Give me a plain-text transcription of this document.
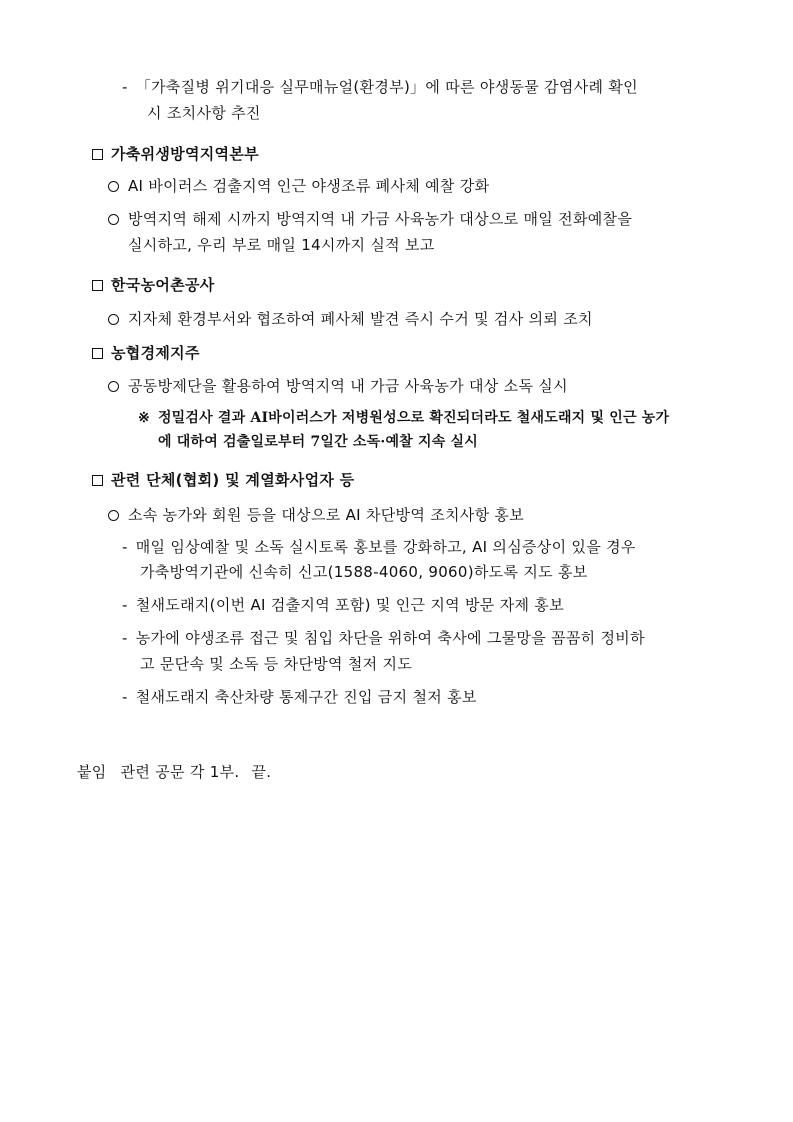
- 「가축질병 위기대응 실무매뉴얼(환경부)」에 따른 야생동물 감염사례 확인
시 조치사항 추진
가축위생방역지역본부
AI 바이러스 검출지역 인근 야생조류 폐사체 예찰 강화
방역지역 해제 시까지 방역지역 내 가금 사육농가 대상으로 매일 전화예찰을
실시하고, 우리 부로 매일 14시까지 실적 보고
한국농어촌공사
지자체 환경부서와 협조하여 폐사체 발견 즉시 수거 및 검사 의뢰 조치
농협경제지주
공동방제단을 활용하여 방역지역 내 가금 사육농가 대상 소독 실시
※ 정밀검사 결과 AI바이러스가 저병원성으로 확진되더라도 철새도래지 및 인근 농가
에 대하여 검출일로부터 7일간 소독·예찰 지속 실시
관련 단체(협회) 및 계열화사업자 등
소속 농가와 회원 등을 대상으로 AI 차단방역 조치사항 홍보
- 매일 임상예찰 및 소독 실시토록 홍보를 강화하고, AI 의심증상이 있을 경우
가축방역기관에 신속히 신고(1588-4060, 9060)하도록 지도 홍보
- 철새도래지(이번 AI 검출지역 포함) 및 인근 지역 방문 자제 홍보
- 농가에 야생조류 접근 및 침입 차단을 위하여 축사에 그물망을 꼼꼼히 정비하
고 문단속 및 소독 등 차단방역 철저 지도
- 철새도래지 축산차량 통제구간 진입 금지 철저 홍보
붙임 관련 공문 각 1부. 끝.
